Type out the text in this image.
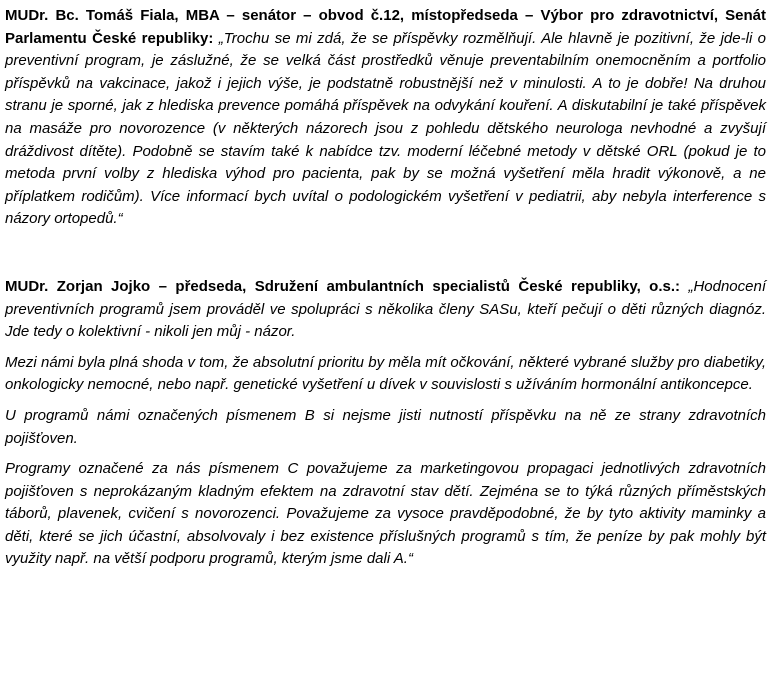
MUDr. Bc. Tomáš Fiala, MBA – senátor – obvod č.12, místopředseda – Výbor pro zdravotnictví, Senát Parlamentu České republiky: „Trochu se mi zdá, že se příspěvky rozmělňují. Ale hlavně je pozitivní, že jde-li o preventivní program, je záslužné, že se velká část prostředků věnuje preventabilním onemocněním a portfolio příspěvků na vakcinace, jakož i jejich výše, je podstatně robustnější než v minulosti. A to je dobře! Na druhou stranu je sporné, jak z hlediska prevence pomáhá příspěvek na odvykání kouření. A diskutabilní je také příspěvek na masáže pro novorozence (v některých názorech jsou z pohledu dětského neurologa nevhodné a zvyšují dráždivost dítěte). Podobně se stavím také k nabídce tzv. moderní léčebné metody v dětské ORL (pokud je to metoda první volby z hlediska výhod pro pacienta, pak by se možná vyšetření měla hradit výkonově, a ne příplatkem rodičům). Více informací bych uvítal o podologickém vyšetření v pediatrii, aby nebyla interference s názory ortopedů.“

MUDr. Zorjan Jojko – předseda, Sdružení ambulantních specialistů České republiky, o.s.: „Hodnocení preventivních programů jsem prováděl ve spolupráci s několika členy SASu, kteří pečují o děti různých diagnóz. Jde tedy o kolektivní - nikoli jen můj - názor.

Mezi námi byla plná shoda v tom, že absolutní prioritu by měla mít očkování, některé vybrané služby pro diabetiky, onkologicky nemocné, nebo např. genetické vyšetření u dívek v souvislosti s užíváním hormonální antikoncepce.

U programů námi označených písmenem B si nejsme jisti nutností příspěvku na ně ze strany zdravotních pojišťoven.

Programy označené za nás písmenem C považujeme za marketingovou propagaci jednotlivých zdravotních pojišťoven s neprokázaným kladným efektem na zdravotní stav dětí. Zejména se to týká různých příměstských táborů, plavenek, cvičení s novorozenci. Považujeme za vysoce pravděpodobné, že by tyto aktivity maminky a děti, které se jich účastní, absolvovaly i bez existence příslušných programů s tím, že peníze by pak mohly být využity např. na větší podporu programů, kterým jsme dali A.“
